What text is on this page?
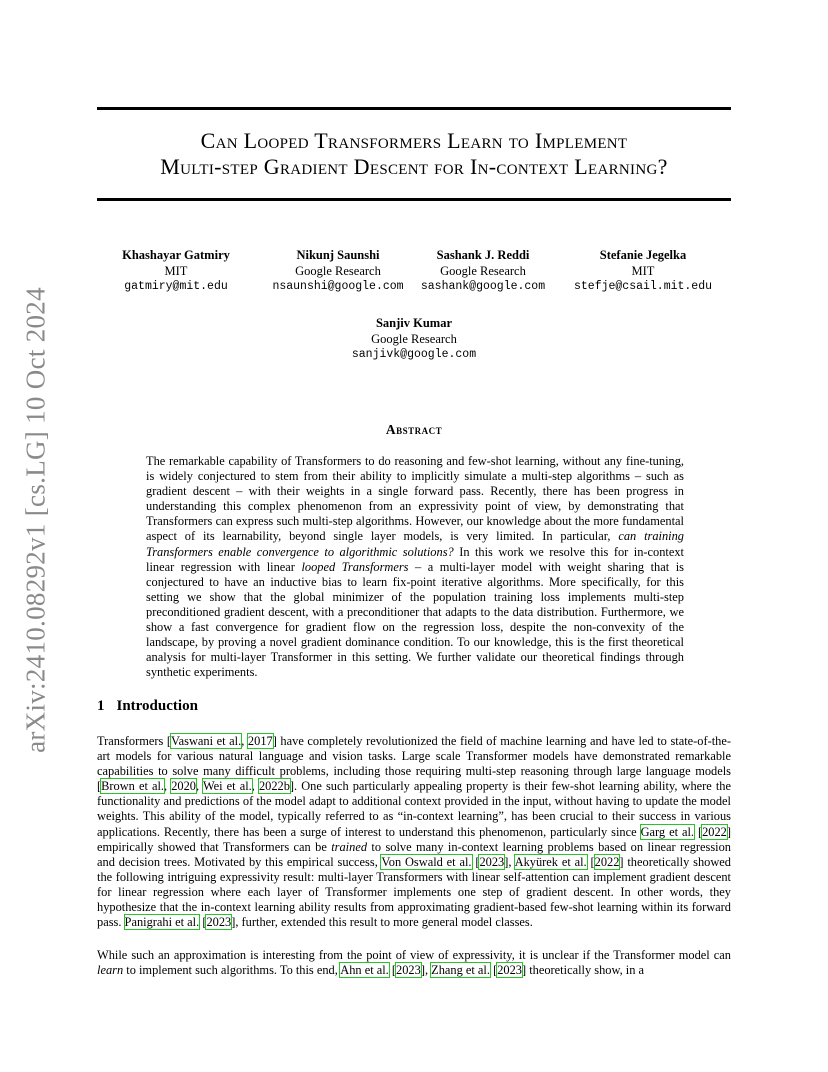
arXiv:2410.08292v1 [cs.LG] 10 Oct 2024
Can Looped Transformers Learn to Implement
Multi-step Gradient Descent for In-context Learning?
Khashayar Gatmiry
MIT
gatmiry@mit.edu
Nikunj Saunshi
Google Research
nsaunshi@google.com
Sashank J. Reddi
Google Research
sashank@google.com
Stefanie Jegelka
MIT
stefje@csail.mit.edu
Sanjiv Kumar
Google Research
sanjivk@google.com
Abstract
The remarkable capability of Transformers to do reasoning and few-shot learning, without any fine-tuning, is widely conjectured to stem from their ability to implicitly simulate a multi-step algorithms – such as gradient descent – with their weights in a single forward pass. Recently, there has been progress in understanding this complex phenomenon from an expressivity point of view, by demonstrating that Transformers can express such multi-step algorithms. However, our knowledge about the more fundamental aspect of its learnability, beyond single layer models, is very limited. In particular, can training Transformers enable convergence to algorithmic solutions? In this work we resolve this for in-context linear regression with linear looped Transformers – a multi-layer model with weight sharing that is conjectured to have an inductive bias to learn fix-point iterative algorithms. More specifically, for this setting we show that the global minimizer of the population training loss implements multi-step preconditioned gradient descent, with a preconditioner that adapts to the data distribution. Furthermore, we show a fast convergence for gradient flow on the regression loss, despite the non-convexity of the landscape, by proving a novel gradient dominance condition. To our knowledge, this is the first theoretical analysis for multi-layer Transformer in this setting. We further validate our theoretical findings through synthetic experiments.
1 Introduction
Transformers [Vaswani et al., 2017] have completely revolutionized the field of machine learning and have led to state-of-the-art models for various natural language and vision tasks. Large scale Transformer models have demonstrated remarkable capabilities to solve many difficult problems, including those requiring multi-step reasoning through large language models [Brown et al., 2020, Wei et al., 2022b]. One such particularly appealing property is their few-shot learning ability, where the functionality and predictions of the model adapt to additional context provided in the input, without having to update the model weights. This ability of the model, typically referred to as “in-context learning”, has been crucial to their success in various applications. Recently, there has been a surge of interest to understand this phenomenon, particularly since Garg et al. [2022] empirically showed that Transformers can be trained to solve many in-context learning problems based on linear regression and decision trees. Motivated by this empirical success, Von Oswald et al. [2023], Akyürek et al. [2022] theoretically showed the following intriguing expressivity result: multi-layer Transformers with linear self-attention can implement gradient descent for linear regression where each layer of Transformer implements one step of gradient descent. In other words, they hypothesize that the in-context learning ability results from approximating gradient-based few-shot learning within its forward pass. Panigrahi et al. [2023], further, extended this result to more general model classes.
While such an approximation is interesting from the point of view of expressivity, it is unclear if the Transformer model can learn to implement such algorithms. To this end, Ahn et al. [2023], Zhang et al. [2023] theoretically show, in a
